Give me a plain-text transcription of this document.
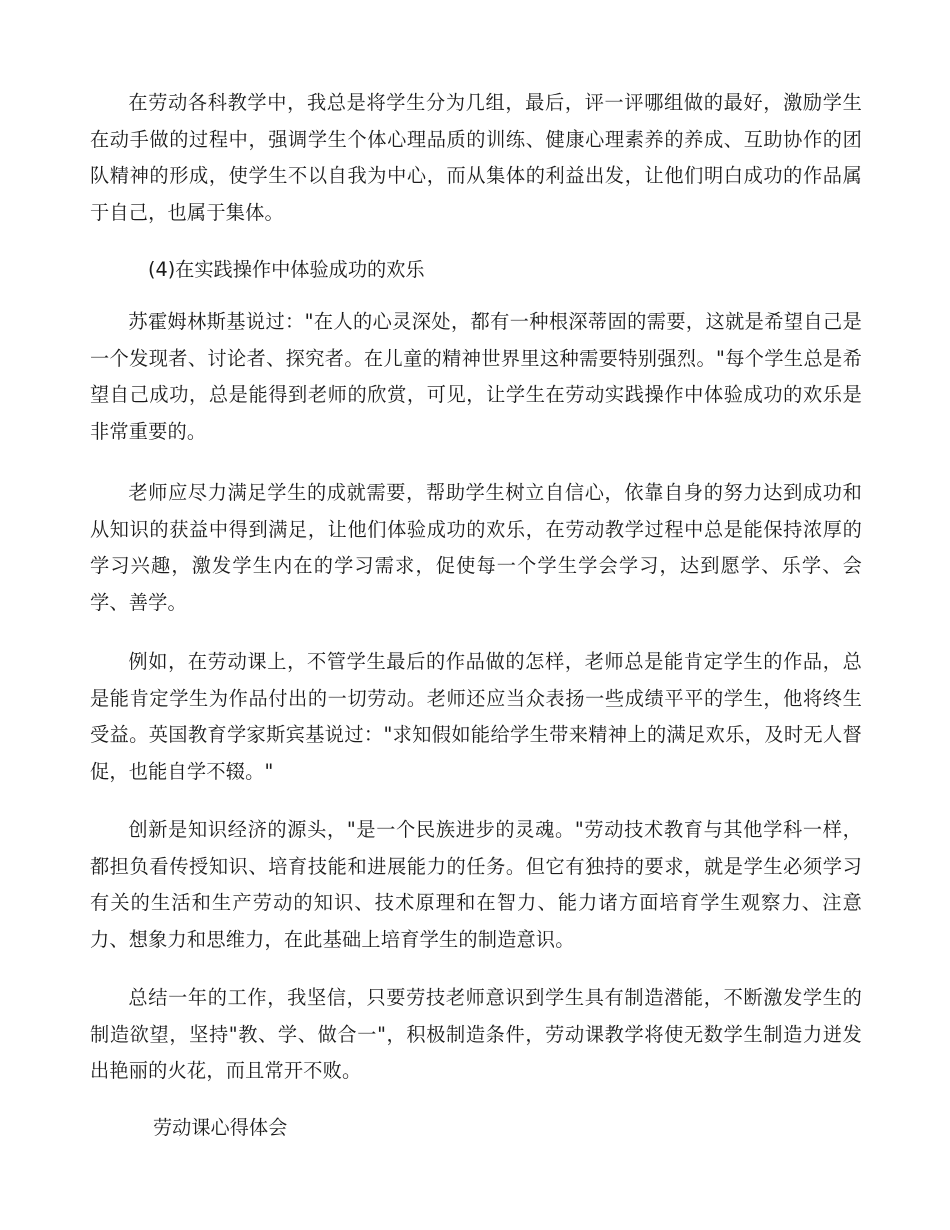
在劳动各科教学中，我总是将学生分为几组，最后，评一评哪组做的最好，激励学生在动手做的过程中，强调学生个体心理品质的训练、健康心理素养的养成、互助协作的团队精神的形成，使学生不以自我为中心，而从集体的利益出发，让他们明白成功的作品属于自己，也属于集体。

(4)在实践操作中体验成功的欢乐

苏霍姆林斯基说过："在人的心灵深处，都有一种根深蒂固的需要，这就是希望自己是一个发现者、讨论者、探究者。在儿童的精神世界里这种需要特别强烈。"每个学生总是希望自己成功，总是能得到老师的欣赏，可见，让学生在劳动实践操作中体验成功的欢乐是非常重要的。

老师应尽力满足学生的成就需要，帮助学生树立自信心，依靠自身的努力达到成功和从知识的获益中得到满足，让他们体验成功的欢乐，在劳动教学过程中总是能保持浓厚的学习兴趣，激发学生内在的学习需求，促使每一个学生学会学习，达到愿学、乐学、会学、善学。

例如，在劳动课上，不管学生最后的作品做的怎样，老师总是能肯定学生的作品，总是能肯定学生为作品付出的一切劳动。老师还应当众表扬一些成绩平平的学生，他将终生受益。英国教育学家斯宾基说过："求知假如能给学生带来精神上的满足欢乐，及时无人督促，也能自学不辍。"

创新是知识经济的源头，"是一个民族进步的灵魂。"劳动技术教育与其他学科一样，都担负看传授知识、培育技能和进展能力的任务。但它有独持的要求，就是学生必须学习有关的生活和生产劳动的知识、技术原理和在智力、能力诸方面培育学生观察力、注意力、想象力和思维力，在此基础上培育学生的制造意识。

总结一年的工作，我坚信，只要劳技老师意识到学生具有制造潜能，不断激发学生的制造欲望，坚持"教、学、做合一"，积极制造条件，劳动课教学将使无数学生制造力迸发出艳丽的火花，而且常开不败。

劳动课心得体会
